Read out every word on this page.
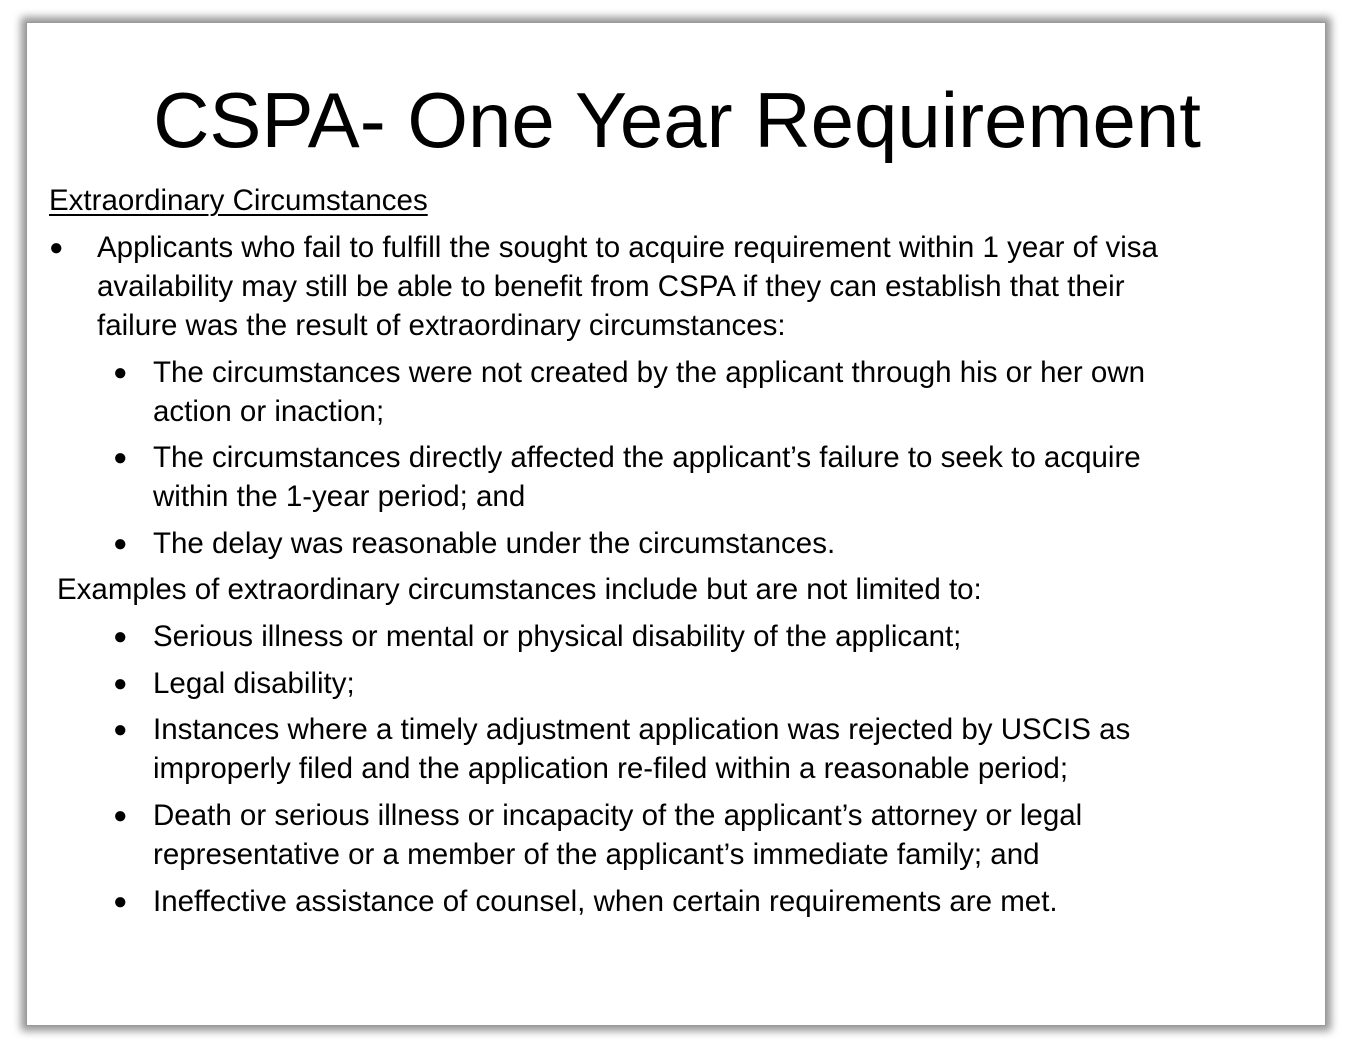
CSPA- One Year Requirement
Extraordinary Circumstances
● Applicants who fail to fulfill the sought to acquire requirement within 1 year of visa
availability may still be able to benefit from CSPA if they can establish that their
failure was the result of extraordinary circumstances:
● The circumstances were not created by the applicant through his or her own
action or inaction;
● The circumstances directly affected the applicant’s failure to seek to acquire
within the 1-year period; and
● The delay was reasonable under the circumstances.
Examples of extraordinary circumstances include but are not limited to:
● Serious illness or mental or physical disability of the applicant;
● Legal disability;
● Instances where a timely adjustment application was rejected by USCIS as
improperly filed and the application re-filed within a reasonable period;
● Death or serious illness or incapacity of the applicant’s attorney or legal
representative or a member of the applicant’s immediate family; and
● Ineffective assistance of counsel, when certain requirements are met.
